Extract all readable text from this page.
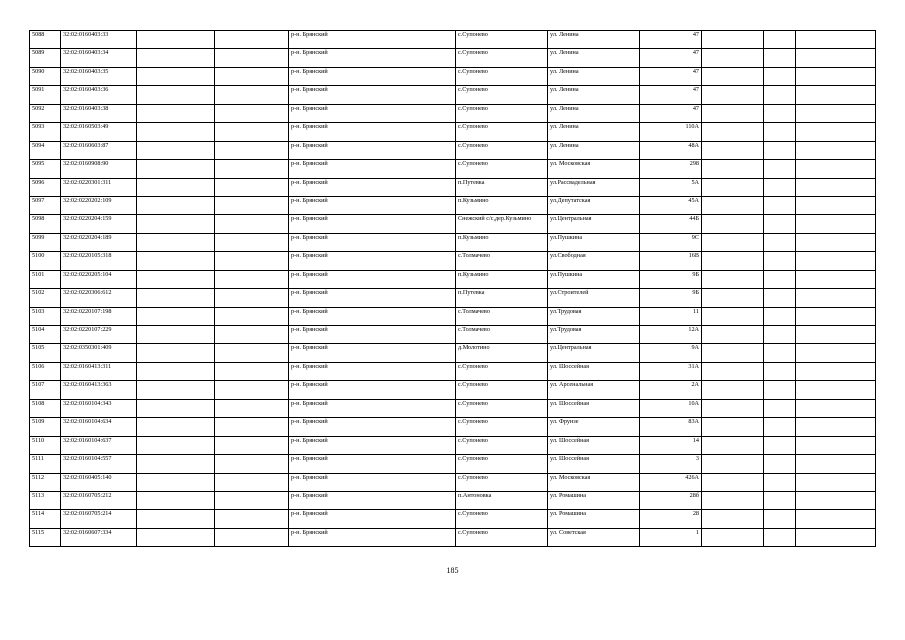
5088	32:02:0160403:33			р-н. Брянский	с.Супонево	ул. Ленина	47			
5089	32:02:0160403:34			р-н. Брянский	с.Супонево	ул. Ленина	47			
5090	32:02:0160403:35			р-н. Брянский	с.Супонево	ул. Ленина	47			
5091	32:02:0160403:36			р-н. Брянский	с.Супонево	ул. Ленина	47			
5092	32:02:0160403:38			р-н. Брянский	с.Супонево	ул. Ленина	47			
5093	32:02:0160503:49			р-н. Брянский	с.Супонево	ул. Ленина	110А			
5094	32:02:0160603:87			р-н. Брянский	с.Супонево	ул. Ленина	48А			
5095	32:02:0160908:90			р-н. Брянский	с.Супонево	ул. Московская	298			
5096	32:02:0220301:311			р-н. Брянский	п.Путевка	ул.Рассвадельная	5А			
5097	32:02:0220202:109			р-н. Брянский	п.Кузьмино	ул.Депутатская	45А			
5098	32:02:0220204:159			р-н. Брянский	Снежский с/с,дер.Кузьмино	ул.Центральная	44Б			
5099	32:02:0220204:189			р-н. Брянский	п.Кузьмино	ул.Пушкина	9С			
5100	32:02:0220105:318			р-н. Брянский	с.Толмачево	ул.Свободная	16В			
5101	32:02:0220205:104			р-н. Брянский	п.Кузьмино	ул.Пушкина	9Б			
5102	32:02:0220306:612			р-н. Брянский	п.Путевка	ул.Строителей	9Б			
5103	32:02:0220107:198			р-н. Брянский	с.Толмачево	ул.Трудовая	11			
5104	32:02:0220107:229			р-н. Брянский	с.Толмачево	ул.Трудовая	12А			
5105	32:02:0350301:409			р-н. Брянский	д.Молотино	ул.Центральная	9А			
5106	32:02:0160413:311			р-н. Брянский	с.Супонево	ул. Шоссейная	31А			
5107	32:02:0160413:363			р-н. Брянский	с.Супонево	ул. Арсенальная	2А			
5108	32:02:0160104:343			р-н. Брянский	с.Супонево	ул. Шоссейная	10А			
5109	32:02:0160104:634			р-н. Брянский	с.Супонево	ул. Фрунзе	83А			
5110	32:02:0160104:637			р-н. Брянский	с.Супонево	ул. Шоссейная	14			
5111	32:02:0160104:557			р-н. Брянский	с.Супонево	ул. Шоссейная	3			
5112	32:02:0160405:140			р-н. Брянский	с.Супонево	ул. Московская	426А			
5113	32:02:0160705:212			р-н. Брянский	п.Антоновка	ул. Ромашина	28б			
5114	32:02:0160705:214			р-н. Брянский	с.Супонево	ул. Ромашина	28			
5115	32:02:0160607:334			р-н. Брянский	с.Супонево	ул. Советская	1			
185
